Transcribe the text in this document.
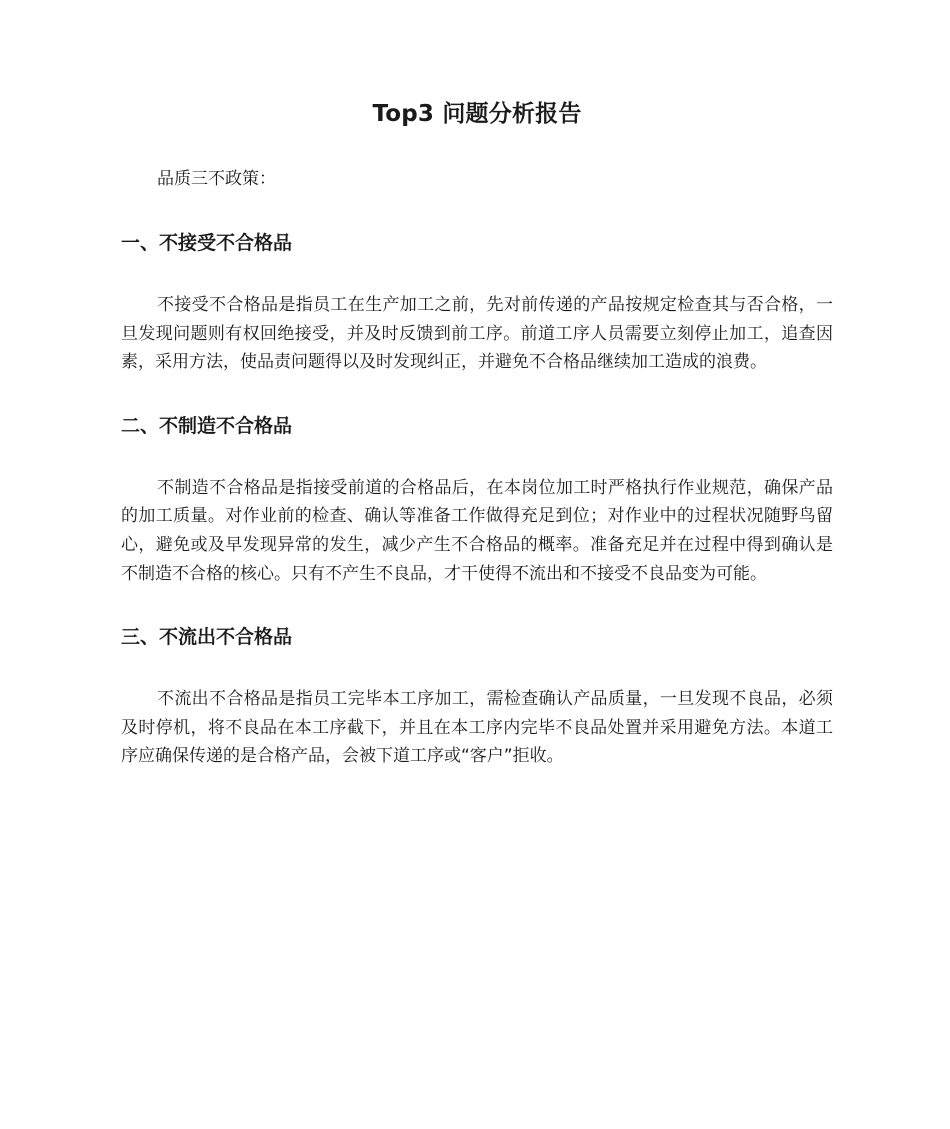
Top3 问题分析报告

品质三不政策：

一、不接受不合格品

不接受不合格品是指员工在生产加工之前，先对前传递的产品按规定检查其与否合格，一旦发现问题则有权回绝接受，并及时反馈到前工序。前道工序人员需要立刻停止加工，追查因素，采用方法，使品责问题得以及时发现纠正，并避免不合格品继续加工造成的浪费。

二、不制造不合格品

不制造不合格品是指接受前道的合格品后，在本岗位加工时严格执行作业规范，确保产品的加工质量。对作业前的检查、确认等准备工作做得充足到位；对作业中的过程状况随野鸟留心，避免或及早发现异常的发生，减少产生不合格品的概率。准备充足并在过程中得到确认是不制造不合格的核心。只有不产生不良品，才干使得不流出和不接受不良品变为可能。

三、不流出不合格品

不流出不合格品是指员工完毕本工序加工，需检查确认产品质量，一旦发现不良品，必须及时停机，将不良品在本工序截下，并且在本工序内完毕不良品处置并采用避免方法。本道工序应确保传递的是合格产品，会被下道工序或“客户”拒收。
